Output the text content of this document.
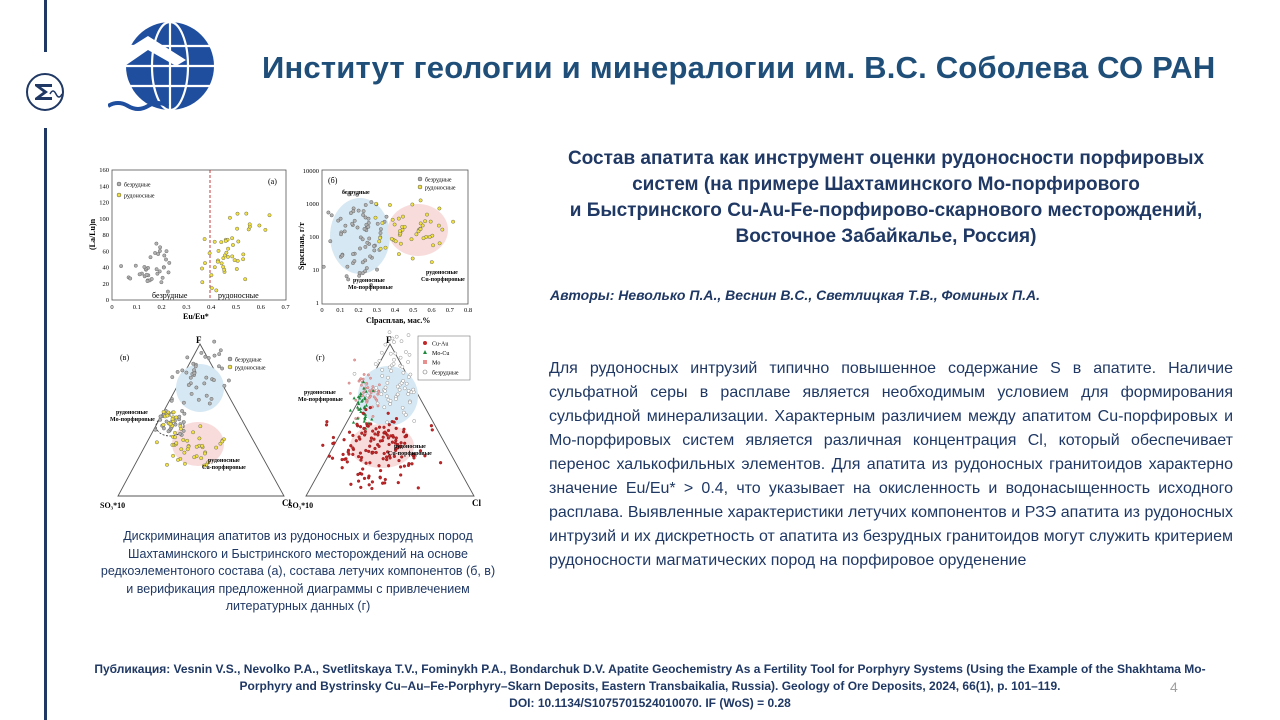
Институт геологии и минералогии им. В.С. Соболева СО РАН
Состав апатита как инструмент оценки рудоносности порфировых
систем (на примере Шахтаминского Mo-порфирового
и Быстринского Cu-Au-Fe-порфирово-скарнового месторождений,
Восточное Забайкалье, Россия)
Авторы: Неволько П.А., Веснин В.С., Светлицкая Т.В., Фоминых П.А.
Для рудоносных интрузий типично повышенное содержание S в апатите. Наличие сульфатной серы в расплаве является необходимым условием для формирования сульфидной минерализации. Характерным различием между апатитом Cu-порфировых и Mo-порфировых систем является различная концентрация Cl, который обеспечивает перенос халькофильных элементов. Для апатита из рудоносных гранитоидов характерно значение Eu/Eu* > 0.4, что указывает на окисленность и водонасыщенность исходного расплава. Выявленные характеристики летучих компонентов и РЗЭ апатита из рудоносных интрузий и их дискретность от апатита из безрудных гранитоидов могут служить критерием рудоносности магматических пород на порфировое оруденение
(а)
безрудные
рудоносные
безрудные	рудоносные
0	0.1	0.2	0.3	0.4	0.5	0.6	0.7
0
20
40
60
80
100
120
140
160
Eu/Eu*
(La/Lu)n
(б)	безрудные
рудоносные
безрудные
рудоносные
Mo-порфировые
рудоносные
Cu-порфировые
0 0.1 0.2 0.3 0.4 0.5 0.6 0.7 0.8
10000
1000
100
10
1
Clрасплав, мас.%
Sрасплав, г/т
(в)
F
SO₃*10	Cl
безрудные
рудоносные
рудоносные
Mo-порфировые
рудоносные
Cu-порфировые
(г)
F
SO₃*10	Cl
Cu-Au
Mo-Cu
Mo
безрудные
рудоносные
Mo-порфировые
рудоносные
Cu-порфировые
Дискриминация апатитов из рудоносных и безрудных пород
Шахтаминского и Быстринского месторождений на основе
редкоэлементоного состава (а), состава летучих компонентов (б, в)
и верификация предложенной диаграммы с привлечением
литературных данных (г)
Публикация: Vesnin V.S., Nevolko P.A., Svetlitskaya T.V., Fominykh P.A., Bondarchuk D.V. Apatite Geochemistry As a Fertility Tool for Porphyry Systems (Using the Example of the Shakhtama Mo-
Porphyry and Bystrinsky Cu–Au–Fe-Porphyry–Skarn Deposits, Eastern Transbaikalia, Russia). Geology of Ore Deposits, 2024, 66(1), p. 101–119.
DOI: 10.1134/S1075701524010070. IF (WoS) = 0.28
4
